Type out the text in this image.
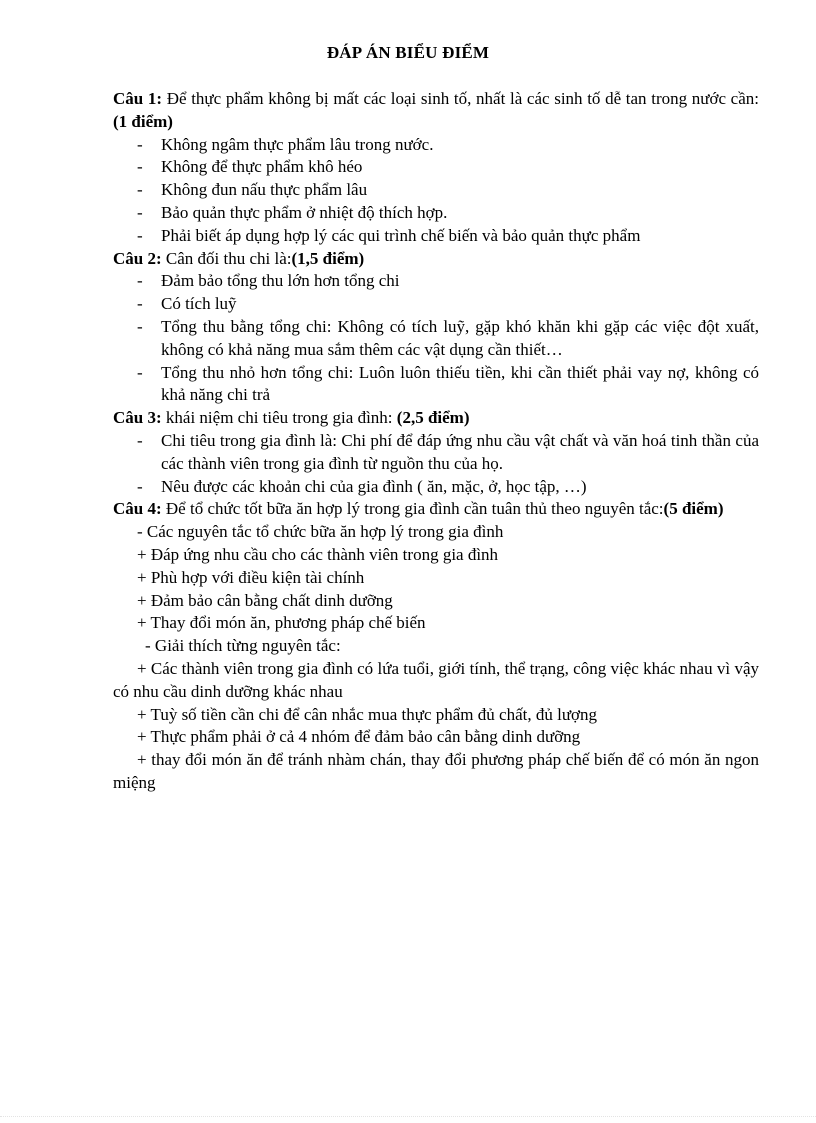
ĐÁP ÁN BIỂU ĐIỂM

Câu 1: Để thực phẩm không bị mất các loại sinh tố, nhất là các sinh tố dễ tan trong nước cần: (1 điểm)

- Không ngâm thực phẩm lâu trong nước.
- Không để thực phẩm khô héo
- Không đun nấu thực phẩm lâu
- Bảo quản thực phẩm ở nhiệt độ thích hợp.
- Phải biết áp dụng hợp lý các qui trình chế biến và bảo quản thực phẩm

Câu 2: Cân đối thu chi là:(1,5 điểm)

- Đảm bảo tổng thu lớn hơn tổng chi
- Có tích luỹ
- Tổng thu bằng tổng chi: Không có tích luỹ, gặp khó khăn khi gặp các việc đột xuất, không có khả năng mua sắm thêm các vật dụng cần thiết…
- Tổng thu nhỏ hơn tổng chi: Luôn luôn thiếu tiền, khi cần thiết phải vay nợ, không có khả năng chi trả

Câu 3: khái niệm chi tiêu trong gia đình: (2,5 điểm)

- Chi tiêu trong gia đình là: Chi phí để đáp ứng nhu cầu vật chất và văn hoá tinh thần của các thành viên trong gia đình từ nguồn thu của họ.
- Nêu được các khoản chi của gia đình ( ăn, mặc, ở, học tập, …)

Câu 4: Để tổ chức tốt bữa ăn hợp lý trong gia đình cần tuân thủ theo nguyên tắc:(5 điểm)

- Các nguyên tắc tổ chức bữa ăn hợp lý trong gia đình
+ Đáp ứng nhu cầu cho các thành viên trong gia đình
+ Phù hợp với điều kiện tài chính
+ Đảm bảo cân bằng chất dinh dưỡng
+ Thay đổi món ăn, phương pháp chế biến
- Giải thích từng nguyên tắc:
+ Các thành viên trong gia đình có lứa tuổi, giới tính, thể trạng, công việc khác nhau vì vậy có nhu cầu dinh dưỡng khác nhau
+ Tuỳ số tiền cần chi để cân nhắc mua thực phẩm đủ chất, đủ lượng
+ Thực phẩm phải ở cả 4 nhóm để đảm bảo cân bằng dinh dưỡng
+ thay đổi món ăn để tránh nhàm chán, thay đổi phương pháp chế biến để có món ăn ngon miệng
